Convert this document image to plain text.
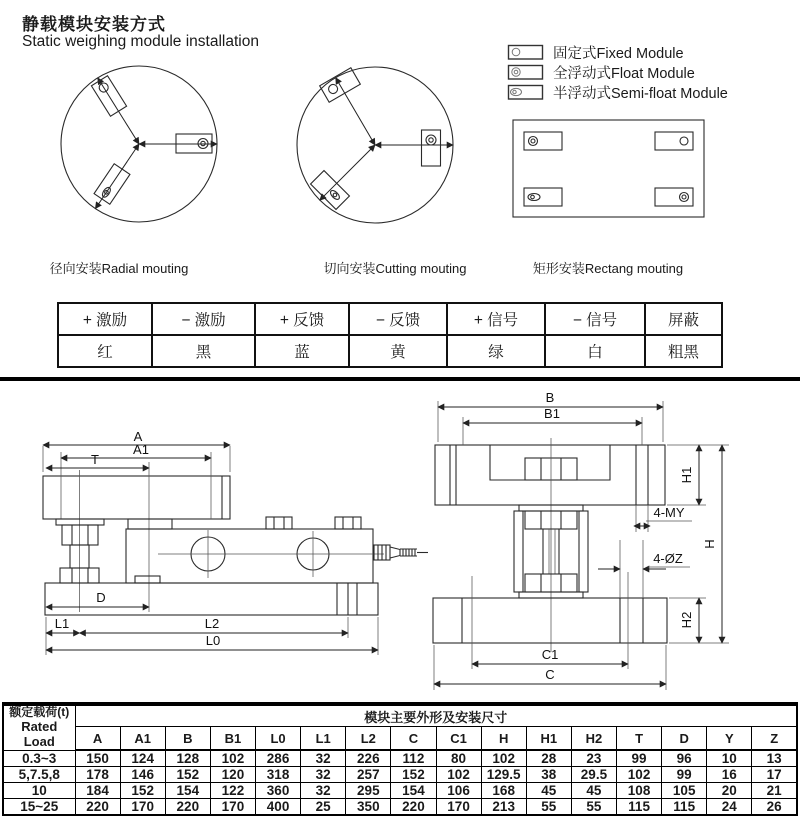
静载模块安装方式
Static weighing module installation
固定式Fixed Module
全浮动式Float Module
半浮动式Semi-float Module
径向安装Radial mouting	切向安装Cutting mouting	矩形安装Rectang mouting
+ 激励	− 激励	+ 反馈	− 反馈	+ 信号	− 信号	屏蔽
红	黑	蓝	黄	绿	白	粗黑
A
A1
T
D
L1	L2
L0
B
B1
H1
4-MY
H
4-ØZ
H2
C1
C
额定载荷(t)
Rated Load	模块主要外形及安装尺寸															
	A	A1	B	B1	L0	L1	L2	C	C1	H	H1	H2	T	D	Y	Z
0.3~3	150	124	128	102	286	32	226	112	80	102	28	23	99	96	10	13
5,7.5,8	178	146	152	120	318	32	257	152	102	129.5	38	29.5	102	99	16	17
10	184	152	154	122	360	32	295	154	106	168	45	45	108	105	20	21
15~25	220	170	220	170	400	25	350	220	170	213	55	55	115	115	24	26
